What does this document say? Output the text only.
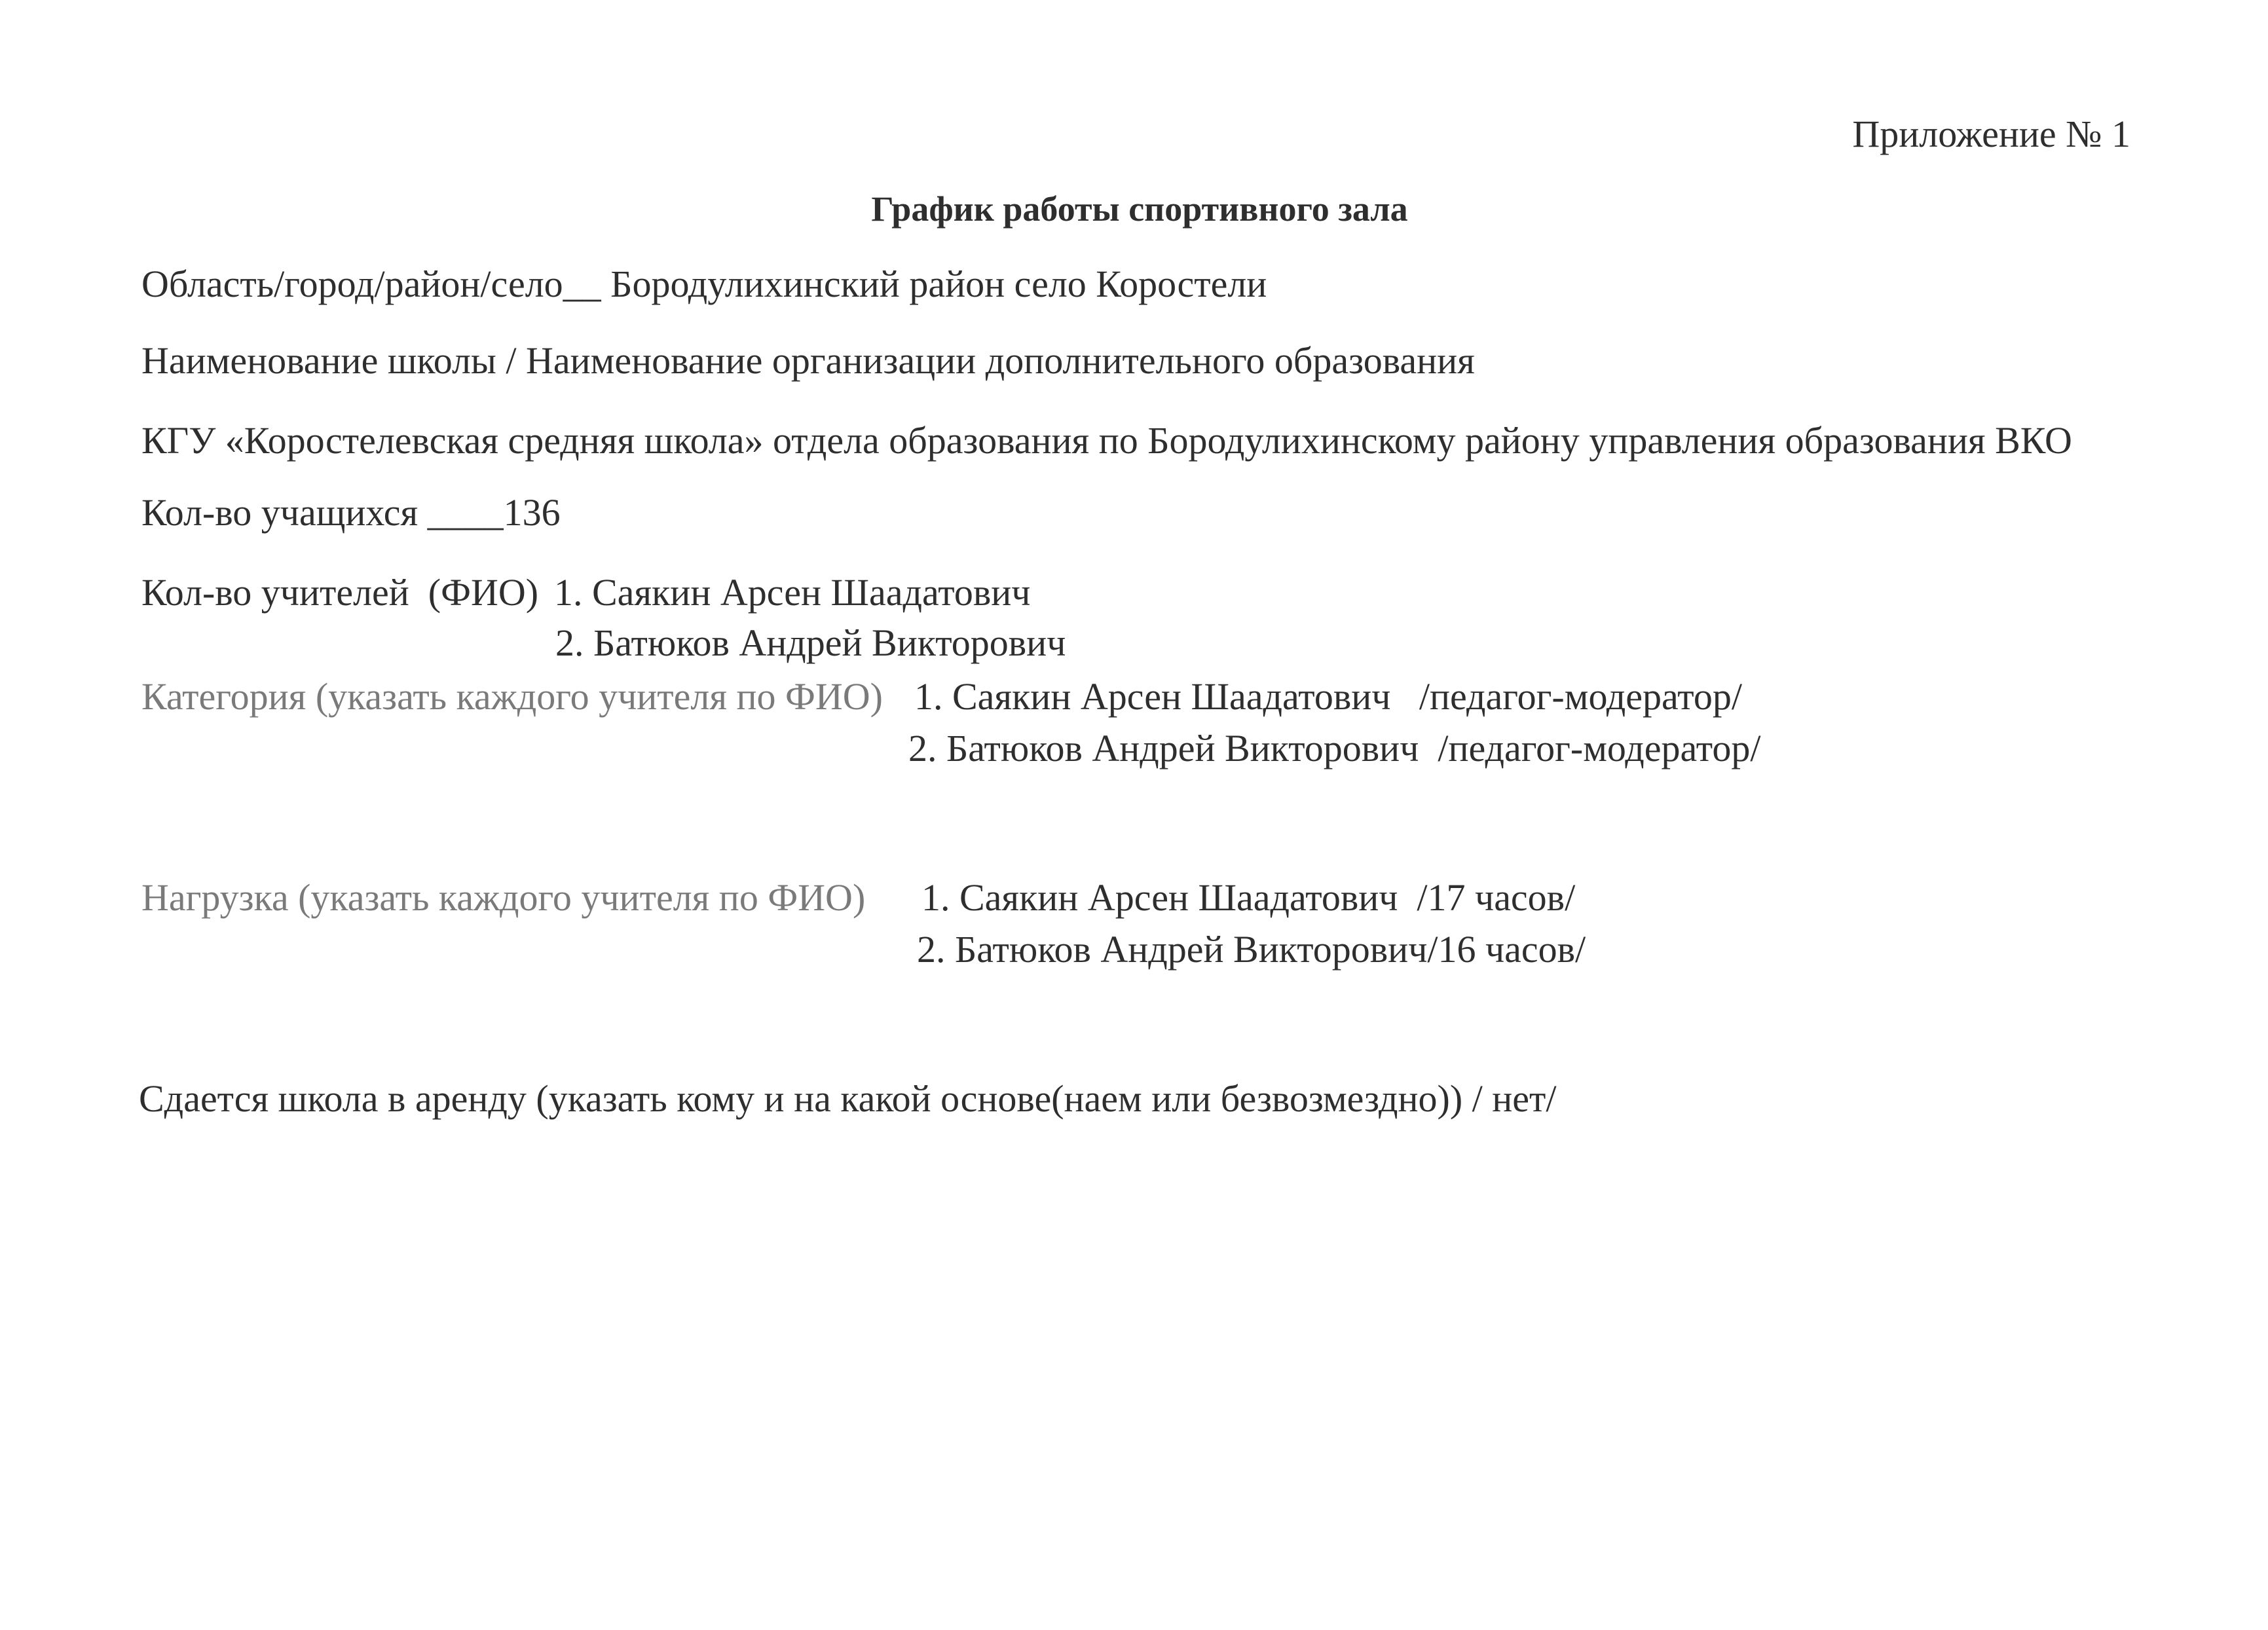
Приложение № 1
График работы спортивного зала
Область/город/район/село__ Бородулихинский район село Коростели
Наименование школы / Наименование организации дополнительного образования
КГУ «Коростелевская средняя школа» отдела образования по Бородулихинскому району управления образования ВКО
Кол-во учащихся ____136
Кол-во учителей  (ФИО) 1. Саякин Арсен Шаадатович
2. Батюков Андрей Викторович
Категория (указать каждого учителя по ФИО) 1. Саякин Арсен Шаадатович   /педагог-модератор/
2. Батюков Андрей Викторович  /педагог-модератор/
Нагрузка (указать каждого учителя по ФИО) 1. Саякин Арсен Шаадатович  /17 часов/
2. Батюков Андрей Викторович/16 часов/
Сдается школа в аренду (указать кому и на какой основе(наем или безвозмездно)) / нет/
